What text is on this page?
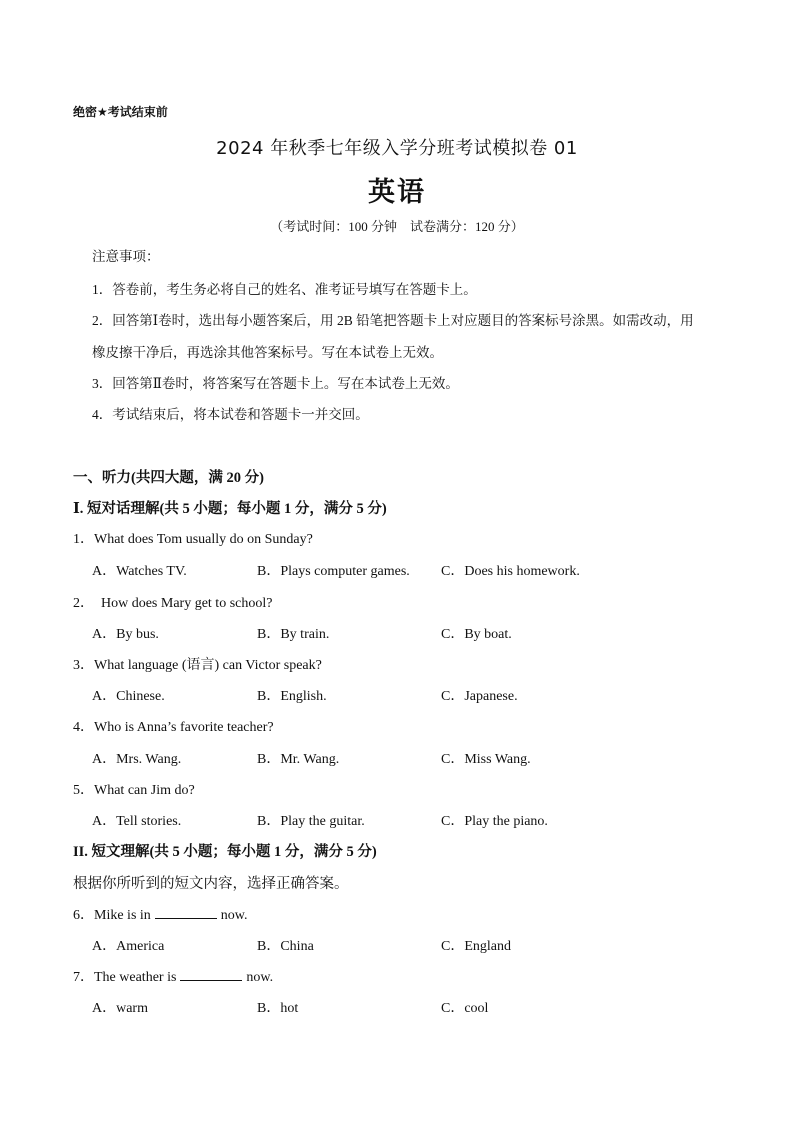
绝密★考试结束前
2024 年秋季七年级入学分班考试模拟卷 01
英语
（考试时间：100 分钟　试卷满分：120 分）
注意事项：
1．答卷前，考生务必将自己的姓名、准考证号填写在答题卡上。
2．回答第Ⅰ卷时，选出每小题答案后，用 2B 铅笔把答题卡上对应题目的答案标号涂黑。如需改动，用
橡皮擦干净后，再选涂其他答案标号。写在本试卷上无效。
3．回答第Ⅱ卷时，将答案写在答题卡上。写在本试卷上无效。
4．考试结束后，将本试卷和答题卡一并交回。
一、听力(共四大题，满 20 分)
Ⅰ. 短对话理解(共 5 小题；每小题 1 分，满分 5 分)
1．What does Tom usually do on Sunday?
A．Watches TV.	B．Plays computer games. C．Does his homework.
2．  How does Mary get to school?
A．By bus.	B．By train.	C．By boat.
3．What language (语言) can Victor speak?
A．Chinese.	B．English.	C．Japanese.
4．Who is Anna’s favorite teacher?
A．Mrs. Wang.	B．Mr. Wang.	C．Miss Wang.
5．What can Jim do?
A．Tell stories.	B．Play the guitar.	C．Play the piano.
II. 短文理解(共 5 小题；每小题 1 分，满分 5 分)
根据你所听到的短文内容，选择正确答案。
6．Mike is in	now.
A．America	B．China	C．England
7．The weather is	now.
A．warm	B．hot	C．cool
